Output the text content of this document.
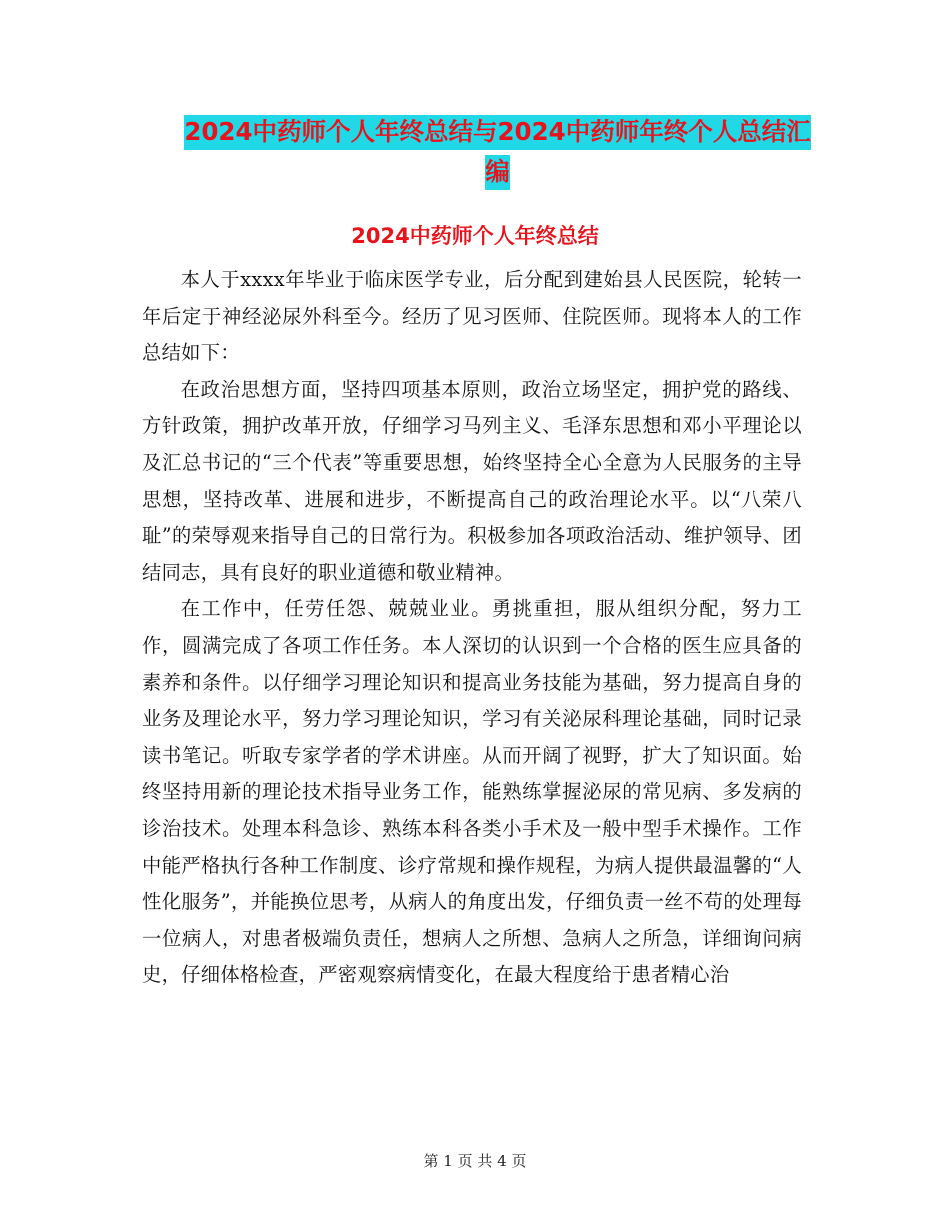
2024中药师个人年终总结与2024中药师年终个人总结汇编
2024中药师个人年终总结

本人于xxxx年毕业于临床医学专业，后分配到建始县人民医院，轮转一年后定于神经泌尿外科至今。经历了见习医师、住院医师。现将本人的工作总结如下：

在政治思想方面，坚持四项基本原则，政治立场坚定，拥护党的路线、方针政策，拥护改革开放，仔细学习马列主义、毛泽东思想和邓小平理论以及汇总书记的“三个代表”等重要思想，始终坚持全心全意为人民服务的主导思想，坚持改革、进展和进步，不断提高自己的政治理论水平。以“八荣八耻”的荣辱观来指导自己的日常行为。积极参加各项政治活动、维护领导、团结同志，具有良好的职业道德和敬业精神。

在工作中，任劳任怨、兢兢业业。勇挑重担，服从组织分配，努力工作，圆满完成了各项工作任务。本人深切的认识到一个合格的医生应具备的素养和条件。以仔细学习理论知识和提高业务技能为基础，努力提高自身的业务及理论水平，努力学习理论知识，学习有关泌尿科理论基础，同时记录读书笔记。听取专家学者的学术讲座。从而开阔了视野，扩大了知识面。始终坚持用新的理论技术指导业务工作，能熟练掌握泌尿的常见病、多发病的诊治技术。处理本科急诊、熟练本科各类小手术及一般中型手术操作。工作中能严格执行各种工作制度、诊疗常规和操作规程，为病人提供最温馨的“人性化服务”，并能换位思考，从病人的角度出发，仔细负责一丝不苟的处理每一位病人，对患者极端负责任，想病人之所想、急病人之所急，详细询问病史，仔细体格检查，严密观察病情变化，在最大程度给于患者精心治

第 1 页 共 4 页
